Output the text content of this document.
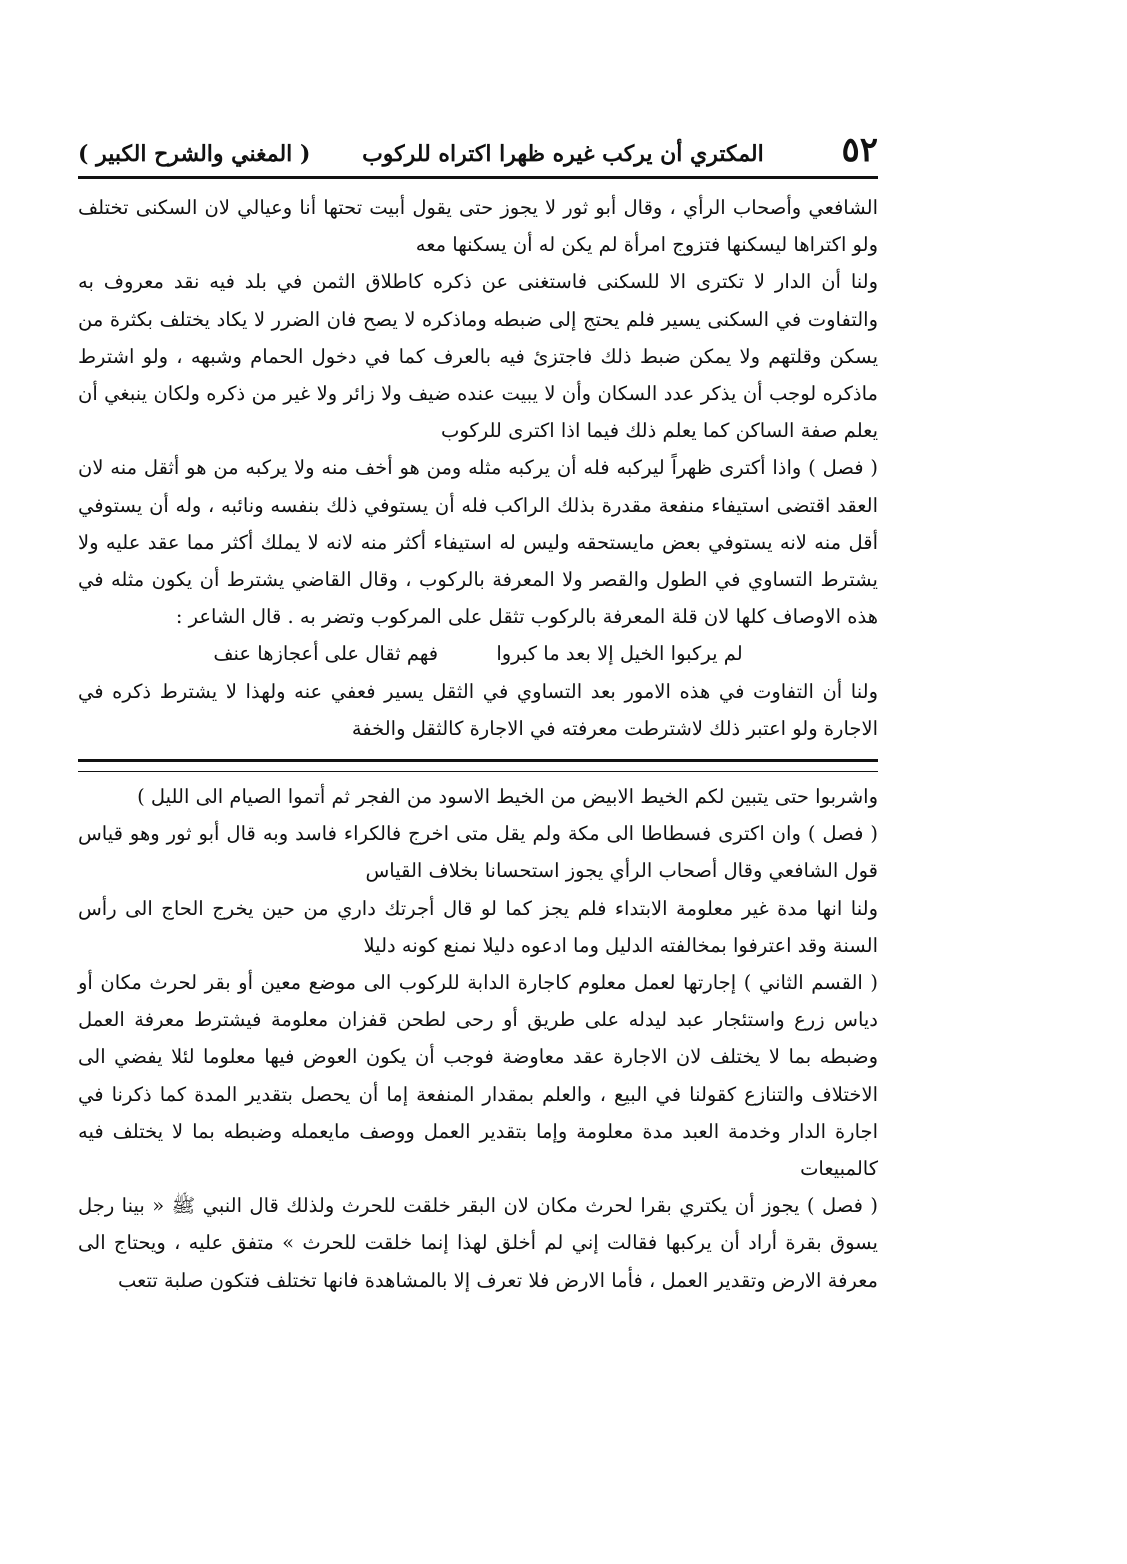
٥٢
المكتري أن يركب غيره ظهرا اكتراه للركوب
( المغني والشرح الكبير )

الشافعي وأصحاب الرأي ، وقال أبو ثور لا يجوز حتى يقول أبيت تحتها أنا وعيالي لان السكنى تختلف ولو اكتراها ليسكنها فتزوج امرأة لم يكن له أن يسكنها معه

ولنا أن الدار لا تكترى الا للسكنى فاستغنى عن ذكره كاطلاق الثمن في بلد فيه نقد معروف به والتفاوت في السكنى يسير فلم يحتج إلى ضبطه وماذكره لا يصح فان الضرر لا يكاد يختلف بكثرة من يسكن وقلتهم ولا يمكن ضبط ذلك فاجتزئ فيه بالعرف كما في دخول الحمام وشبهه ، ولو اشترط ماذكره لوجب أن يذكر عدد السكان وأن لا يبيت عنده ضيف ولا زائر ولا غير من ذكره ولكان ينبغي أن يعلم صفة الساكن كما يعلم ذلك فيما اذا اكترى للركوب

( فصل ) واذا أكترى ظهراً ليركبه فله أن يركبه مثله ومن هو أخف منه ولا يركبه من هو أثقل منه لان العقد اقتضى استيفاء منفعة مقدرة بذلك الراكب فله أن يستوفي ذلك بنفسه ونائبه ، وله أن يستوفي أقل منه لانه يستوفي بعض مايستحقه وليس له استيفاء أكثر منه لانه لا يملك أكثر مما عقد عليه ولا يشترط التساوي في الطول والقصر ولا المعرفة بالركوب ، وقال القاضي يشترط أن يكون مثله في هذه الاوصاف كلها لان قلة المعرفة بالركوب تثقل على المركوب وتضر به . قال الشاعر :

لم يركبوا الخيل إلا بعد ما كبروا فهم ثقال على أعجازها عنف

ولنا أن التفاوت في هذه الامور بعد التساوي في الثقل يسير فعفي عنه ولهذا لا يشترط ذكره في الاجارة ولو اعتبر ذلك لاشترطت معرفته في الاجارة كالثقل والخفة

واشربوا حتى يتبين لكم الخيط الابيض من الخيط الاسود من الفجر ثم أتموا الصيام الى الليل )

( فصل ) وان اكترى فسطاطا الى مكة ولم يقل متى اخرج فالكراء فاسد وبه قال أبو ثور وهو قياس قول الشافعي وقال أصحاب الرأي يجوز استحسانا بخلاف القياس

ولنا انها مدة غير معلومة الابتداء فلم يجز كما لو قال أجرتك داري من حين يخرج الحاج الى رأس السنة وقد اعترفوا بمخالفته الدليل وما ادعوه دليلا نمنع كونه دليلا

( القسم الثاني ) إجارتها لعمل معلوم كاجارة الدابة للركوب الى موضع معين أو بقر لحرث مكان أو دياس زرع واستئجار عبد ليدله على طريق أو رحى لطحن قفزان معلومة فيشترط معرفة العمل وضبطه بما لا يختلف لان الاجارة عقد معاوضة فوجب أن يكون العوض فيها معلوما لئلا يفضي الى الاختلاف والتنازع كقولنا في البيع ، والعلم بمقدار المنفعة إما أن يحصل بتقدير المدة كما ذكرنا في اجارة الدار وخدمة العبد مدة معلومة وإما بتقدير العمل ووصف مايعمله وضبطه بما لا يختلف فيه كالمبيعات

( فصل ) يجوز أن يكتري بقرا لحرث مكان لان البقر خلقت للحرث ولذلك قال النبي ﷺ « بينا رجل يسوق بقرة أراد أن يركبها فقالت إني لم أخلق لهذا إنما خلقت للحرث » متفق عليه ، ويحتاج الى معرفة الارض وتقدير العمل ، فأما الارض فلا تعرف إلا بالمشاهدة فانها تختلف فتكون صلبة تتعب
